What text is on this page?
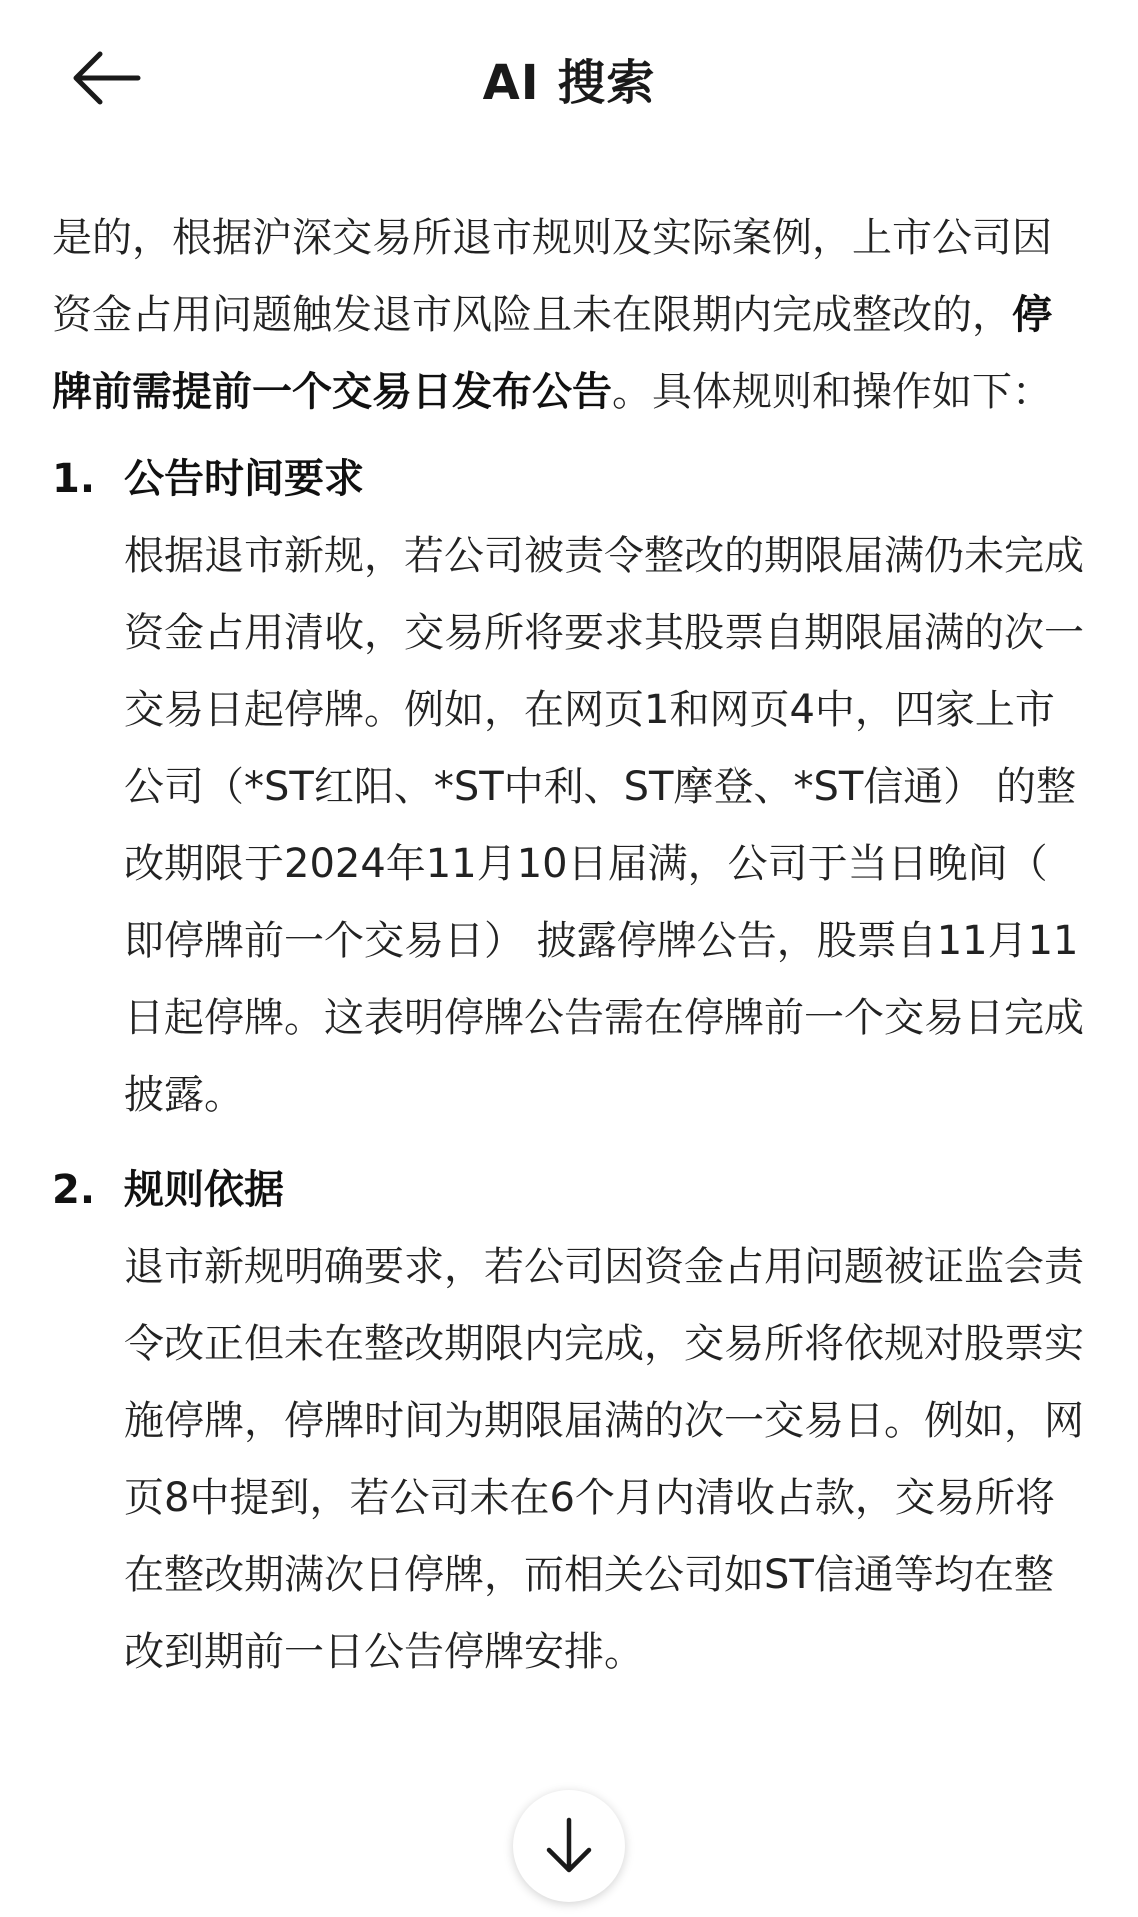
AI 搜索

是的，根据沪深交易所退市规则及实际案例，上市公司因资金占用问题触发退市风险且未在限期内完成整改的，停牌前需提前一个交易日发布公告。具体规则和操作如下：

1. 公告时间要求
根据退市新规，若公司被责令整改的期限届满仍未完成资金占用清收，交易所将要求其股票自期限届满的次一交易日起停牌。例如，在网页1和网页4中，四家上市公司（*ST红阳、*ST中利、ST摩登、*ST信通） 的整改期限于2024年11月10日届满，公司于当日晚间（ 即停牌前一个交易日） 披露停牌公告，股票自11月11日起停牌。这表明停牌公告需在停牌前一个交易日完成披露。
2. 规则依据
退市新规明确要求，若公司因资金占用问题被证监会责令改正但未在整改期限内完成，交易所将依规对股票实施停牌，停牌时间为期限届满的次一交易日。例如，网页8中提到，若公司未在6个月内清收占款，交易所将在整改期满次日停牌，而相关公司如ST信通等均在整改到期前一日公告停牌安排。
